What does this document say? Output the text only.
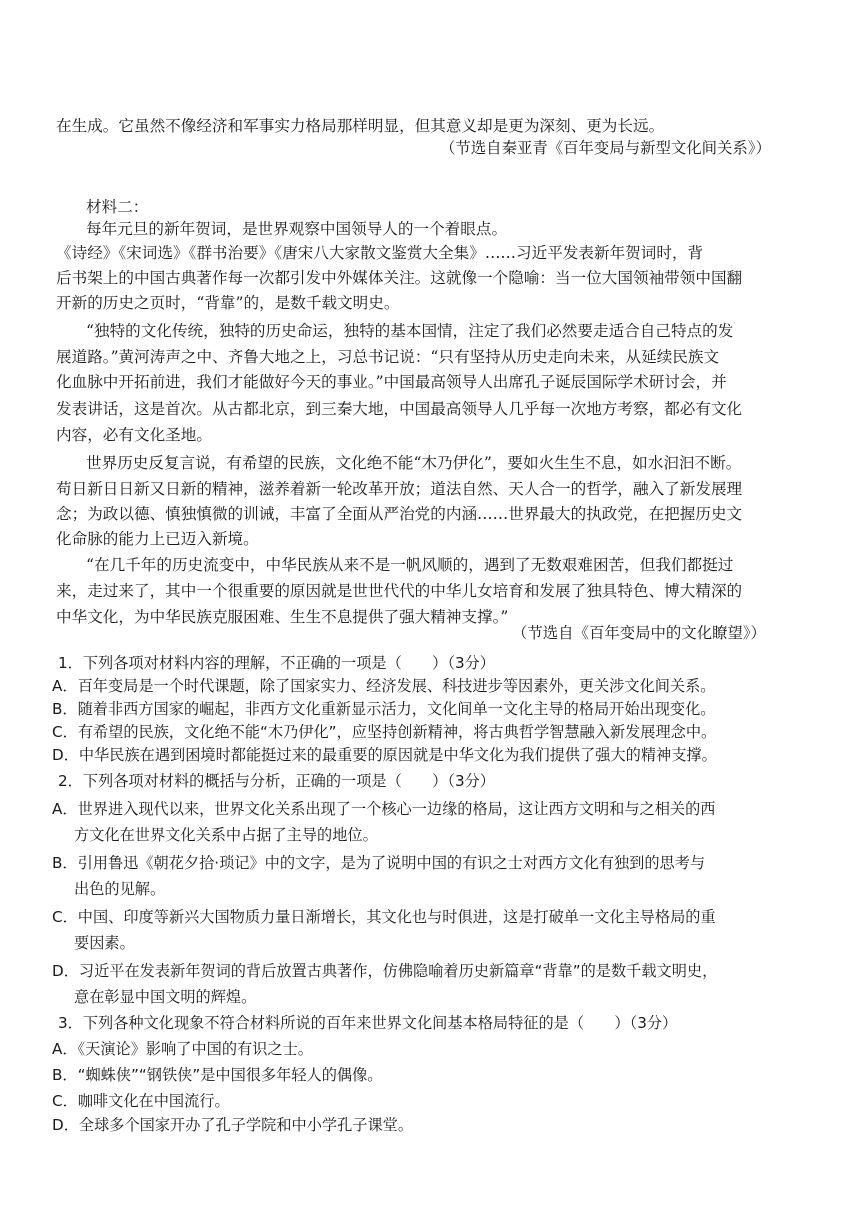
在生成。它虽然不像经济和军事实力格局那样明显，但其意义却是更为深刻、更为长远。
（节选自秦亚青《百年变局与新型文化间关系》）
材料二：
每年元旦的新年贺词，是世界观察中国领导人的一个着眼点。
《诗经》《宋词选》《群书治要》《唐宋八大家散文鉴赏大全集》……习近平发表新年贺词时，背
后书架上的中国古典著作每一次都引发中外媒体关注。这就像一个隐喻：当一位大国领袖带领中国翻
开新的历史之页时，“背靠”的，是数千载文明史。
“独特的文化传统，独特的历史命运，独特的基本国情，注定了我们必然要走适合自己特点的发
展道路。”黄河涛声之中、齐鲁大地之上，习总书记说：“只有坚持从历史走向未来，从延续民族文
化血脉中开拓前进，我们才能做好今天的事业。”中国最高领导人出席孔子诞辰国际学术研讨会，并
发表讲话，这是首次。从古都北京，到三秦大地，中国最高领导人几乎每一次地方考察，都必有文化
内容，必有文化圣地。
世界历史反复言说，有希望的民族，文化绝不能“木乃伊化”，要如火生生不息，如水汩汩不断。
苟日新日日新又日新的精神，滋养着新一轮改革开放；道法自然、天人合一的哲学，融入了新发展理
念；为政以德、慎独慎微的训诫，丰富了全面从严治党的内涵……世界最大的执政党，在把握历史文
化命脉的能力上已迈入新境。
“在几千年的历史流变中，中华民族从来不是一帆风顺的，遇到了无数艰难困苦，但我们都挺过
来，走过来了，其中一个很重要的原因就是世世代代的中华儿女培育和发展了独具特色、博大精深的
中华文化，为中华民族克服困难、生生不息提供了强大精神支撑。”
（节选自《百年变局中的文化瞭望》）
1．下列各项对材料内容的理解，不正确的一项是（　　）（3分）
A．百年变局是一个时代课题，除了国家实力、经济发展、科技进步等因素外，更关涉文化间关系。
B．随着非西方国家的崛起，非西方文化重新显示活力，文化间单一文化主导的格局开始出现变化。
C．有希望的民族，文化绝不能“木乃伊化”，应坚持创新精神，将古典哲学智慧融入新发展理念中。
D．中华民族在遇到困境时都能挺过来的最重要的原因就是中华文化为我们提供了强大的精神支撑。
2．下列各项对材料的概括与分析，正确的一项是（　　）（3分）
A．世界进入现代以来，世界文化关系出现了一个核心一边缘的格局，这让西方文明和与之相关的西
方文化在世界文化关系中占据了主导的地位。
B．引用鲁迅《朝花夕拾·琐记》中的文字，是为了说明中国的有识之士对西方文化有独到的思考与
出色的见解。
C．中国、印度等新兴大国物质力量日渐增长，其文化也与时俱进，这是打破单一文化主导格局的重
要因素。
D．习近平在发表新年贺词的背后放置古典著作，仿佛隐喻着历史新篇章“背靠”的是数千载文明史，
意在彰显中国文明的辉煌。
3．下列各种文化现象不符合材料所说的百年来世界文化间基本格局特征的是（　　）（3分）
A．《天演论》影响了中国的有识之士。
B．“蜘蛛侠”“钢铁侠”是中国很多年轻人的偶像。
C．咖啡文化在中国流行。
D．全球多个国家开办了孔子学院和中小学孔子课堂。
